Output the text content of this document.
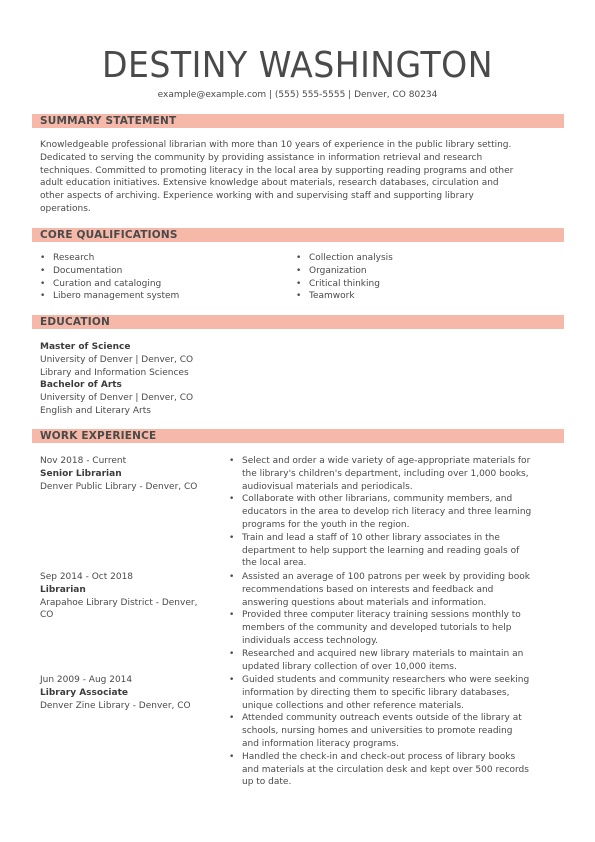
DESTINY WASHINGTON
example@example.com | (555) 555-5555 | Denver, CO 80234
SUMMARY STATEMENT
Knowledgeable professional librarian with more than 10 years of experience in the public library setting.
Dedicated to serving the community by providing assistance in information retrieval and research
techniques. Committed to promoting literacy in the local area by supporting reading programs and other
adult education initiatives. Extensive knowledge about materials, research databases, circulation and
other aspects of archiving. Experience working with and supervising staff and supporting library
operations.
CORE QUALIFICATIONS
• Research
• Documentation
• Curation and cataloging
• Libero management system
• Collection analysis
• Organization
• Critical thinking
• Teamwork
EDUCATION
Master of Science
University of Denver | Denver, CO
Library and Information Sciences
Bachelor of Arts
University of Denver | Denver, CO
English and Literary Arts
WORK EXPERIENCE
Nov 2018 - Current
Senior Librarian
Denver Public Library - Denver, CO
• Select and order a wide variety of age-appropriate materials for
the library's children's department, including over 1,000 books,
audiovisual materials and periodicals.
• Collaborate with other librarians, community members, and
educators in the area to develop rich literacy and three learning
programs for the youth in the region.
• Train and lead a staff of 10 other library associates in the
department to help support the learning and reading goals of
the local area.
Sep 2014 - Oct 2018
Librarian
Arapahoe Library District - Denver,
CO
• Assisted an average of 100 patrons per week by providing book
recommendations based on interests and feedback and
answering questions about materials and information.
• Provided three computer literacy training sessions monthly to
members of the community and developed tutorials to help
individuals access technology.
• Researched and acquired new library materials to maintain an
updated library collection of over 10,000 items.
Jun 2009 - Aug 2014
Library Associate
Denver Zine Library - Denver, CO
• Guided students and community researchers who were seeking
information by directing them to specific library databases,
unique collections and other reference materials.
• Attended community outreach events outside of the library at
schools, nursing homes and universities to promote reading
and information literacy programs.
• Handled the check-in and check-out process of library books
and materials at the circulation desk and kept over 500 records
up to date.
